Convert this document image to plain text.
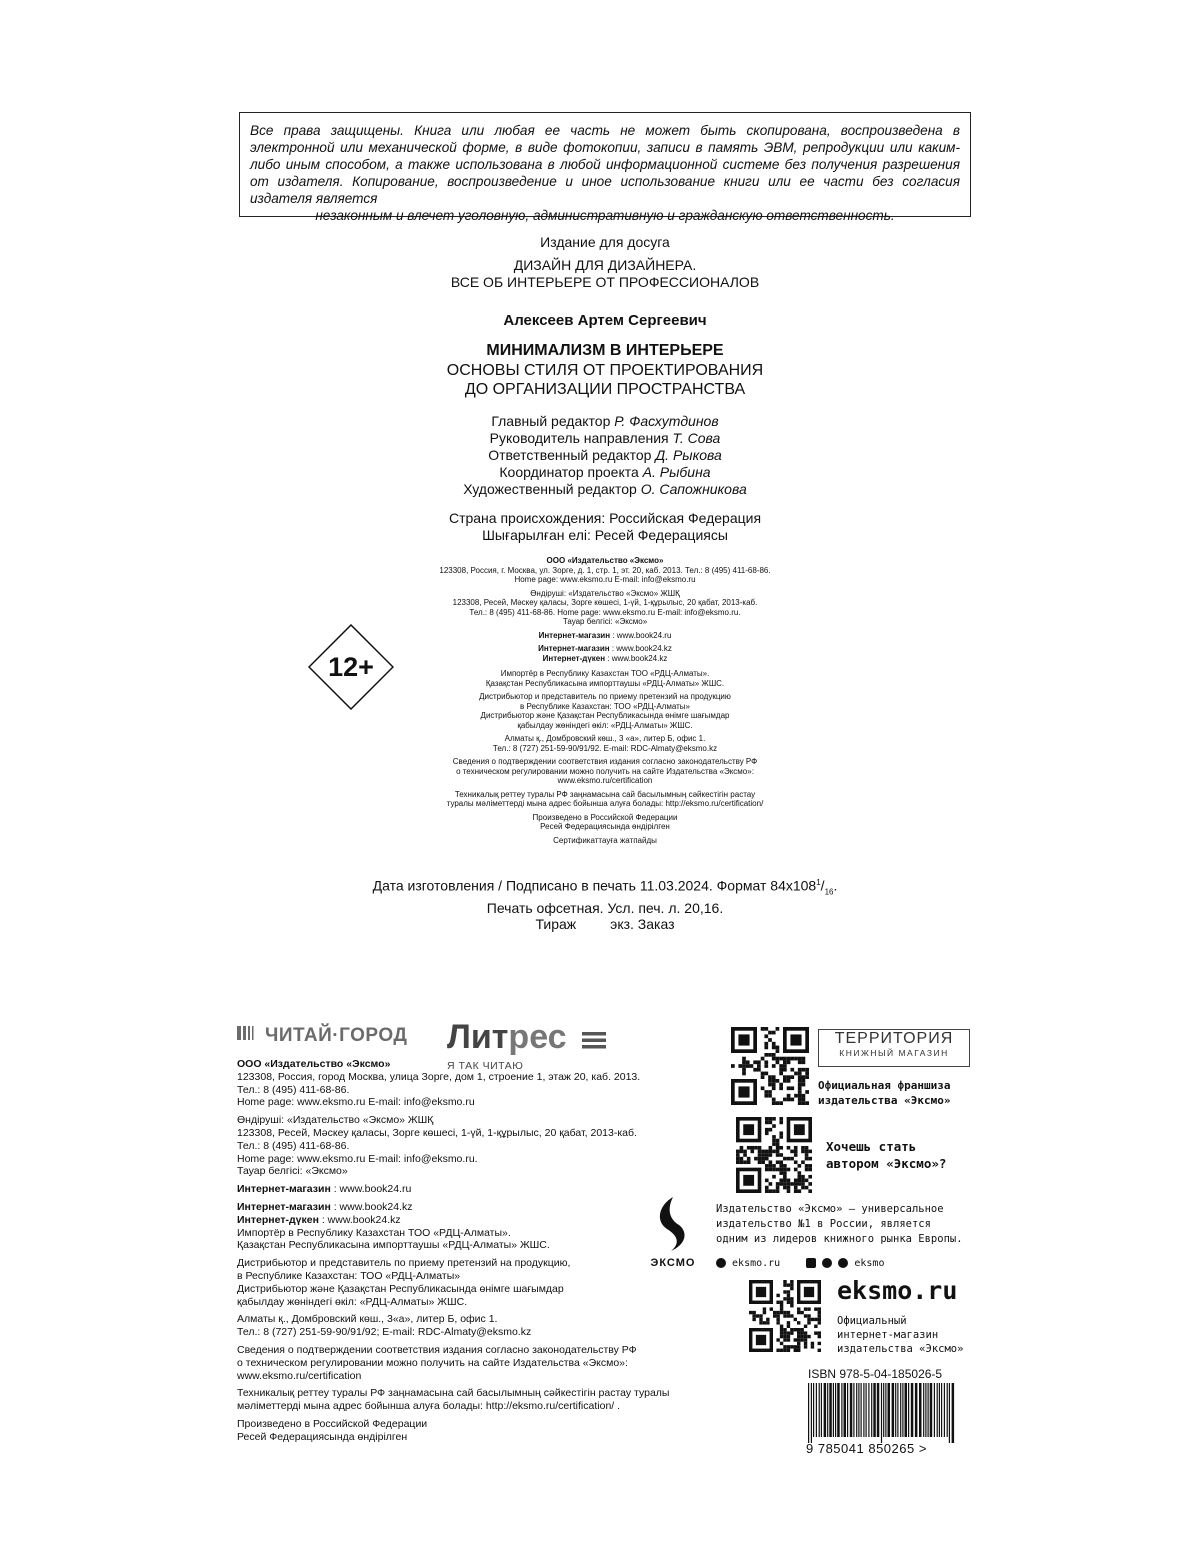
Все права защищены. Книга или любая ее часть не может быть скопирована, воспроизведена в электронной или механической форме, в виде фотокопии, записи в память ЭВМ, репродукции или каким-либо иным способом, а также использована в любой информационной системе без получения разрешения от издателя. Копирование, воспроизведение и иное использование книги или ее части без согласия издателя является
незаконным и влечет уголовную, административную и гражданскую ответственность.
Издание для досуга
ДИЗАЙН ДЛЯ ДИЗАЙНЕРА.
ВСЕ ОБ ИНТЕРЬЕРЕ ОТ ПРОФЕССИОНАЛОВ
Алексеев Артем Сергеевич
МИНИМАЛИЗМ В ИНТЕРЬЕРЕ
ОСНОВЫ СТИЛЯ ОТ ПРОЕКТИРОВАНИЯ
ДО ОРГАНИЗАЦИИ ПРОСТРАНСТВА
Главный редактор Р. Фасхутдинов
Руководитель направления Т. Сова
Ответственный редактор Д. Рыкова
Координатор проекта А. Рыбина
Художественный редактор О. Сапожникова
Страна происхождения: Российская Федерация
Шығарылған елі: Ресей Федерациясы
12+

ООО «Издательство «Эксмо»
123308, Россия, г. Москва, ул. Зорге, д. 1, стр. 1, эт. 20, каб. 2013. Тел.: 8 (495) 411-68-86.
Home page: www.eksmo.ru E-mail: info@eksmo.ru

Өндіруші: «Издательство «Эксмо» ЖШҚ
123308, Ресей, Мәскеу қаласы, Зорге көшесі, 1-үй, 1-құрылыс, 20 қабат, 2013-каб.
Тел.: 8 (495) 411-68-86. Home page: www.eksmo.ru E-mail: info@eksmo.ru.
Тауар белгісі: «Эксмо»

Интернет-магазин : www.book24.ru

Интернет-магазин : www.book24.kz
Интернет-дүкен : www.book24.kz

Импортёр в Республику Казахстан ТОО «РДЦ-Алматы».
Қазақстан Республикасына импорттаушы «РДЦ-Алматы» ЖШС.

Дистрибьютор и представитель по приему претензий на продукцию
в Республике Казахстан: ТОО «РДЦ-Алматы»
Дистрибьютор және Қазақстан Республикасында өнімге шағымдар
қабылдау жөніндегі өкіл: «РДЦ-Алматы» ЖШС.

Алматы қ., Домбровский көш., 3 «а», литер Б, офис 1.
Тел.: 8 (727) 251-59-90/91/92. E-mail: RDC-Almaty@eksmo.kz

Сведения о подтверждении соответствия издания согласно законодательству РФ
о техническом регулировании можно получить на сайте Издательства «Эксмо»:
www.eksmo.ru/certification

Техникалық реттеу туралы РФ заңнамасына сай басылымның сәйкестігін растау
туралы мәліметтерді мына адрес бойынша алуға болады: http://eksmo.ru/certification/

Произведено в Российской Федерации
Ресей Федерациясында өндірілген

Сертификаттауға жатпайды

Дата изготовления / Подписано в печать 11.03.2024. Формат $84х108^1/_{16}$.
Печать офсетная. Усл. печ. л. 20,16.
Тираж экз. Заказ
ЧИТАЙ·ГОРОД Литрес
Я ТАК ЧИТАЮ

ООО «Издательство «Эксмо»
123308, Россия, город Москва, улица Зорге, дом 1, строение 1, этаж 20, каб. 2013.
Тел.: 8 (495) 411-68-86.
Home page: www.eksmo.ru E-mail: info@eksmo.ru

Өндіруші: «Издательство «Эксмо» ЖШҚ
123308, Ресей, Мәскеу қаласы, Зорге көшесі, 1-үй, 1-құрылыс, 20 қабат, 2013-каб.
Тел.: 8 (495) 411-68-86.
Home page: www.eksmo.ru E-mail: info@eksmo.ru.
Тауар белгісі: «Эксмо»

Интернет-магазин : www.book24.ru

Интернет-магазин : www.book24.kz
Интернет-дүкен : www.book24.kz
Импортёр в Республику Казахстан ТОО «РДЦ-Алматы».
Қазақстан Республикасына импорттаушы «РДЦ-Алматы» ЖШС.

Дистрибьютор и представитель по приему претензий на продукцию,
в Республике Казахстан: ТОО «РДЦ-Алматы»
Дистрибьютор және Қазақстан Республикасында өнімге шағымдар
қабылдау жөніндегі өкіл: «РДЦ-Алматы» ЖШС.

Алматы қ., Домбровский көш., 3«а», литер Б, офис 1.
Тел.: 8 (727) 251-59-90/91/92; E-mail: RDC-Almaty@eksmo.kz

Сведения о подтверждении соответствия издания согласно законодательству РФ
о техническом регулировании можно получить на сайте Издательства «Эксмо»:
www.eksmo.ru/certification

Техникалық реттеу туралы РФ заңнамасына сай басылымның сәйкестігін растау туралы
мәліметтерді мына адрес бойынша алуға болады: http://eksmo.ru/certification/ .

Произведено в Российской Федерации
Ресей Федерациясында өндірілген

ЭКСМО
ТЕРРИТОРИЯ
КНИЖНЫЙ МАГАЗИН
Официальная франшиза
издательства «Эксмо»
Хочешь стать
автором «Эксмо»?
Издательство «Эксмо» — универсальное
издательство №1 в России, является
одним из лидеров книжного рынка Европы.
eksmo.ru	eksmo
eksmo.ru
Официальный
интернет-магазин
издательства «Эксмо»
ISBN 978-5-04-185026-5
9 785041 850265 >
